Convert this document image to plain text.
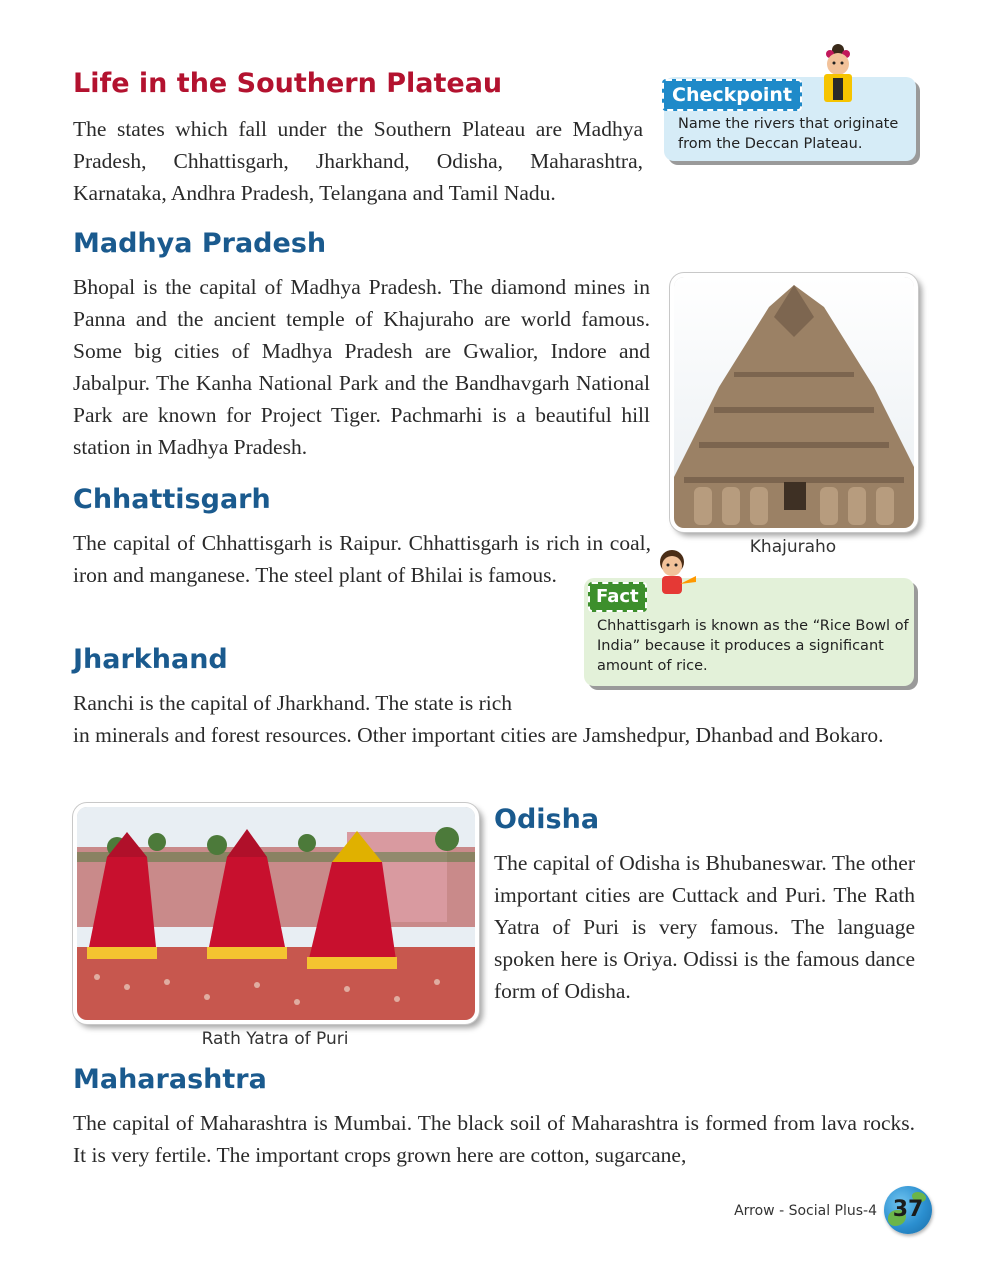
Life in the Southern Plateau

The states which fall under the Southern Plateau are Madhya Pradesh, Chhattisgarh, Jharkhand, Odisha, Maharashtra, Karnataka, Andhra Pradesh, Telangana and Tamil Nadu.

Checkpoint
Name the rivers that originate from the Deccan Plateau.
Madhya Pradesh

Bhopal is the capital of Madhya Pradesh. The diamond mines in Panna and the ancient temple of Khajuraho are world famous. Some big cities of Madhya Pradesh are Gwalior, Indore and Jabalpur. The Kanha National Park and the Bandhavgarh National Park are known for Project Tiger. Pachmarhi is a beautiful hill station in Madhya Pradesh.

Khajuraho
Chhattisgarh

The capital of Chhattisgarh is Raipur. Chhattisgarh is rich in coal, iron and manganese. The steel plant of Bhilai is famous.

Fact
Chhattisgarh is known as the “Rice Bowl of India” because it produces a significant amount of rice.
Jharkhand

Ranchi is the capital of Jharkhand. The state is rich

in minerals and forest resources. Other important cities are Jamshedpur, Dhanbad and Bokaro.

Rath Yatra of Puri
Odisha

The capital of Odisha is Bhubaneswar. The other important cities are Cuttack and Puri. The Rath Yatra of Puri is very famous. The language spoken here is Oriya. Odissi is the famous dance form of Odisha.

Maharashtra

The capital of Maharashtra is Mumbai. The black soil of Maharashtra is formed from lava rocks. It is very fertile. The important crops grown here are cotton, sugarcane,

Arrow - Social Plus-4 37
